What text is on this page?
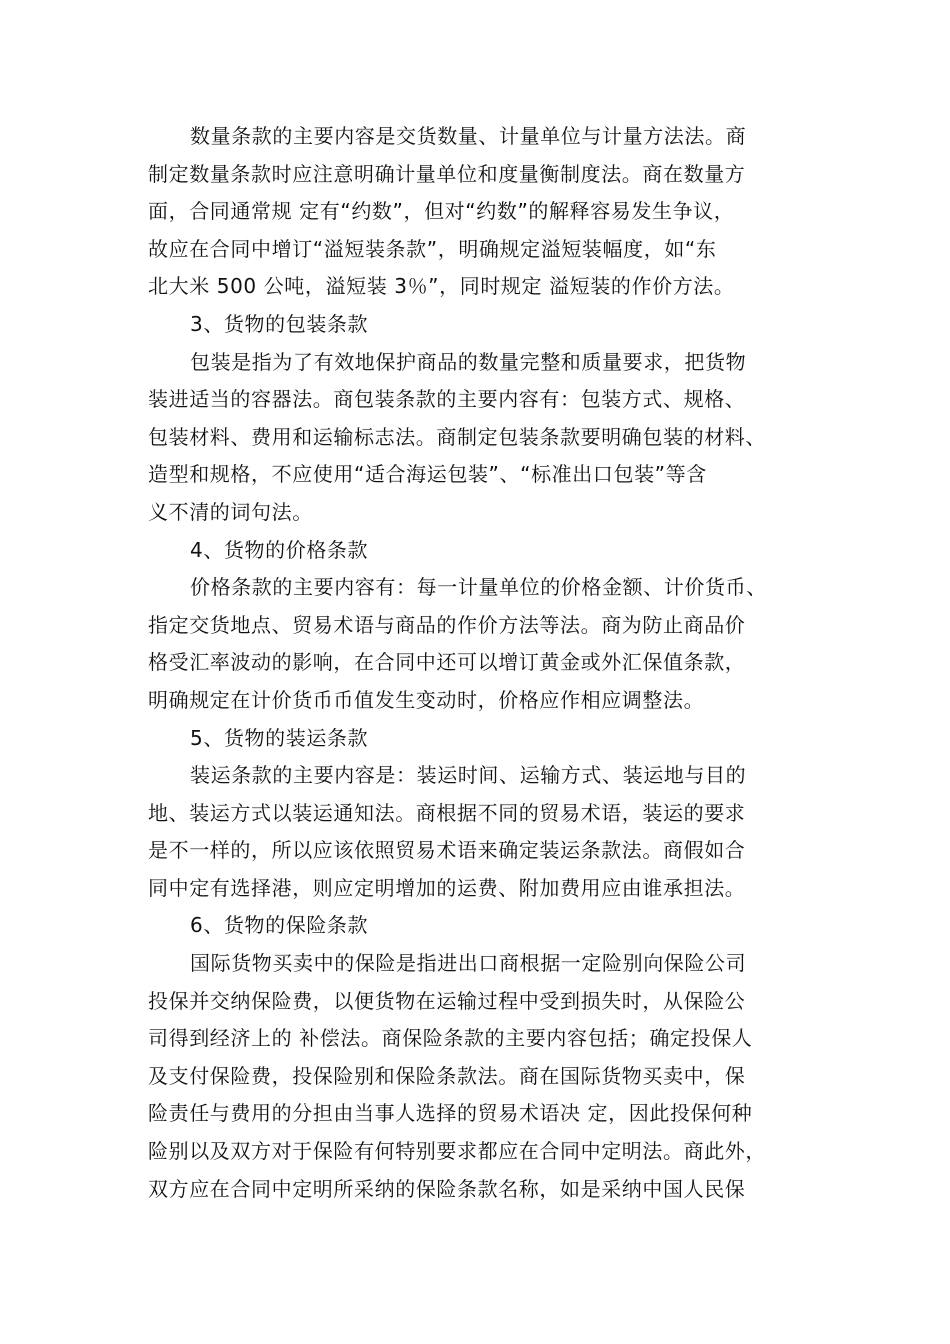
数量条款的主要内容是交货数量、计量单位与计量方法法。商
制定数量条款时应注意明确计量单位和度量衡制度法。商在数量方
面，合同通常规 定有“约数”，但对“约数”的解释容易发生争议，
故应在合同中增订“溢短装条款”，明确规定溢短装幅度，如“东
北大米 500 公吨，溢短装 3％”，同时规定 溢短装的作价方法。
3、货物的包装条款
包装是指为了有效地保护商品的数量完整和质量要求，把货物
装进适当的容器法。商包装条款的主要内容有：包装方式、规格、
包装材料、费用和运输标志法。商制定包装条款要明确包装的材料、
造型和规格，不应使用“适合海运包装”、“标准出口包装”等含
义不清的词句法。
4、货物的价格条款
价格条款的主要内容有：每一计量单位的价格金额、计价货币、
指定交货地点、贸易术语与商品的作价方法等法。商为防止商品价
格受汇率波动的影响，在合同中还可以增订黄金或外汇保值条款，
明确规定在计价货币币值发生变动时，价格应作相应调整法。
5、货物的装运条款
装运条款的主要内容是：装运时间、运输方式、装运地与目的
地、装运方式以装运通知法。商根据不同的贸易术语，装运的要求
是不一样的，所以应该依照贸易术语来确定装运条款法。商假如合
同中定有选择港，则应定明增加的运费、附加费用应由谁承担法。
6、货物的保险条款
国际货物买卖中的保险是指进出口商根据一定险别向保险公司
投保并交纳保险费，以便货物在运输过程中受到损失时，从保险公
司得到经济上的 补偿法。商保险条款的主要内容包括；确定投保人
及支付保险费，投保险别和保险条款法。商在国际货物买卖中，保
险责任与费用的分担由当事人选择的贸易术语决 定，因此投保何种
险别以及双方对于保险有何特别要求都应在合同中定明法。商此外，
双方应在合同中定明所采纳的保险条款名称，如是采纳中国人民保
